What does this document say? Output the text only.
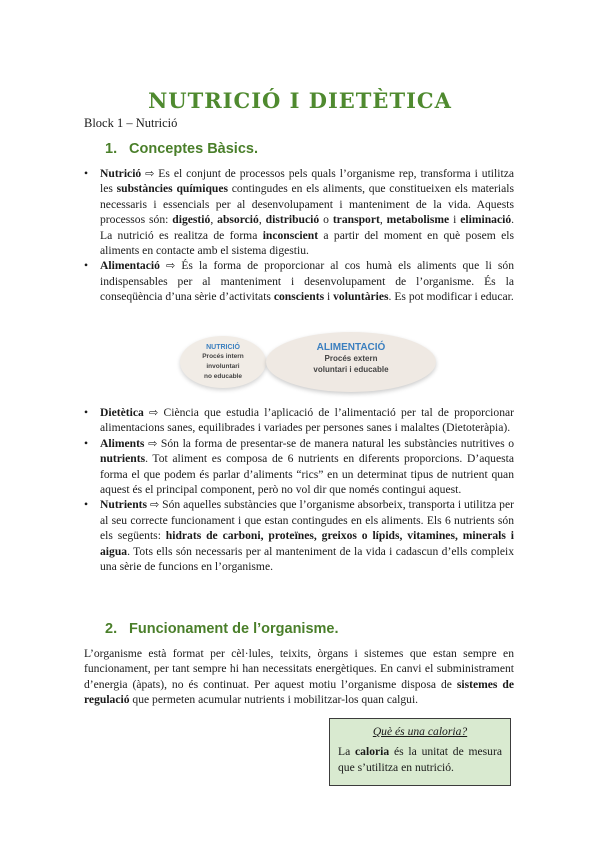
NUTRICIÓ I DIETÈTICA
Block 1 – Nutrició
1. Conceptes Bàsics.
• Nutrició ⇨ Es el conjunt de processos pels quals l’organisme rep, transforma i utilitza les substàncies químiques contingudes en els aliments, que constitueixen els materials necessaris i essencials per al desenvolupament i manteniment de la vida. Aquests processos són: digestió, absorció, distribució o transport, metabolisme i eliminació. La nutrició es realitza de forma inconscient a partir del moment en què posem els aliments en contacte amb el sistema digestiu.
• Alimentació ⇨ És la forma de proporcionar al cos humà els aliments que li són indispensables per al manteniment i desenvolupament de l’organisme. És la conseqüència d’una sèrie d’activitats conscients i voluntàries. Es pot modificar i educar.
NUTRICIÓ
Procés intern
involuntari
no educable
ALIMENTACIÓ
Procés extern
voluntari i educable
• Dietètica ⇨ Ciència que estudia l’aplicació de l’alimentació per tal de proporcionar alimentacions sanes, equilibrades i variades per persones sanes i malaltes (Dietoteràpia).
• Aliments ⇨ Són la forma de presentar-se de manera natural les substàncies nutritives o nutrients. Tot aliment es composa de 6 nutrients en diferents proporcions. D’aquesta forma el que podem és parlar d’aliments “rics” en un determinat tipus de nutrient quan aquest és el principal component, però no vol dir que només contingui aquest.
• Nutrients ⇨ Són aquelles substàncies que l’organisme absorbeix, transporta i utilitza per al seu correcte funcionament i que estan contingudes en els aliments. Els 6 nutrients són els següents: hidrats de carboni, proteïnes, greixos o lípids, vitamines, minerals i aigua. Tots ells són necessaris per al manteniment de la vida i cadascun d’ells compleix una sèrie de funcions en l’organisme.
2. Funcionament de l’organisme.
L’organisme està format per cèl·lules, teixits, òrgans i sistemes que estan sempre en funcionament, per tant sempre hi han necessitats energètiques. En canvi el subministrament d’energia (àpats), no és continuat. Per aquest motiu l’organisme disposa de sistemes de regulació que permeten acumular nutrients i mobilitzar-los quan calgui.
Què és una caloria?
La caloria és la unitat de mesura que s’utilitza en nutrició.
